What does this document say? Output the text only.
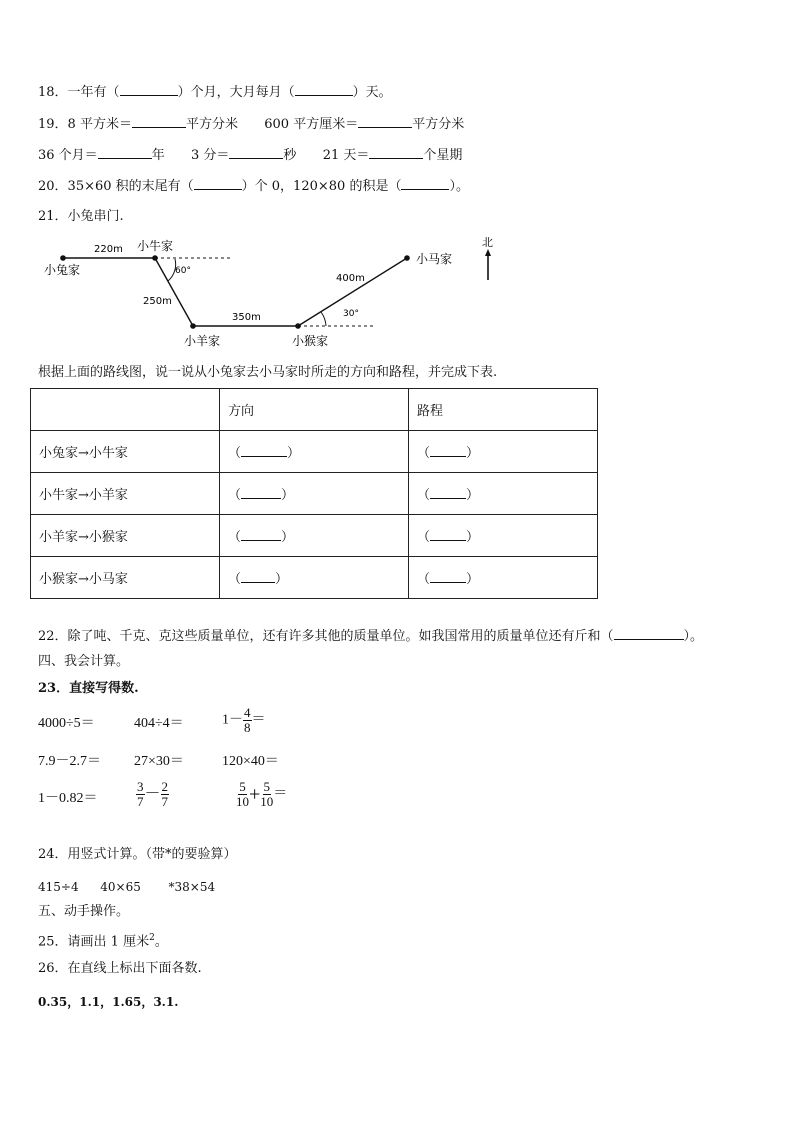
18．一年有（	）个月，大月每月（	）天。
19．8 平方米＝	平方分米 600 平方厘米＝	平方分米
36 个月＝	年 3 分＝	秒 21 天＝	个星期
20．35×60 积的末尾有（	）个 0，120×80 的积是（	）。
21．小兔串门.
小兔家
小牛家
小羊家	小猴家
小马家
220m
250m
350m
400m
60°
30°
北
根据上面的路线图，说一说从小兔家去小马家时所走的方向和路程，并完成下表.
	方向	路程
小兔家→小牛家	（ ）	（ ）
小牛家→小羊家	（ ）	（ ）
小羊家→小猴家	（ ）	（ ）
小猴家→小马家	（ ）	（ ）
22．除了吨、千克、克这些质量单位，还有许多其他的质量单位。如我国常用的质量单位还有斤和（	）。
四、我会计算。
23．直接写得数.
4000÷5＝	404÷4＝	$1- \frac{4}{8}$ ＝
7.9－2.7＝ 27×30＝	120×40＝
1－0.82＝	$\frac{3}{7} - \frac{2}{7}$	$\frac{5}{10} + \frac{5}{10}$ ＝
24．用竖式计算。（带*的要验算）
415÷4 40×65 *38×54
五、动手操作。
25．请画出 1 厘米$^2$。
26．在直线上标出下面各数.
0.35，1.1，1.65，3.1.
